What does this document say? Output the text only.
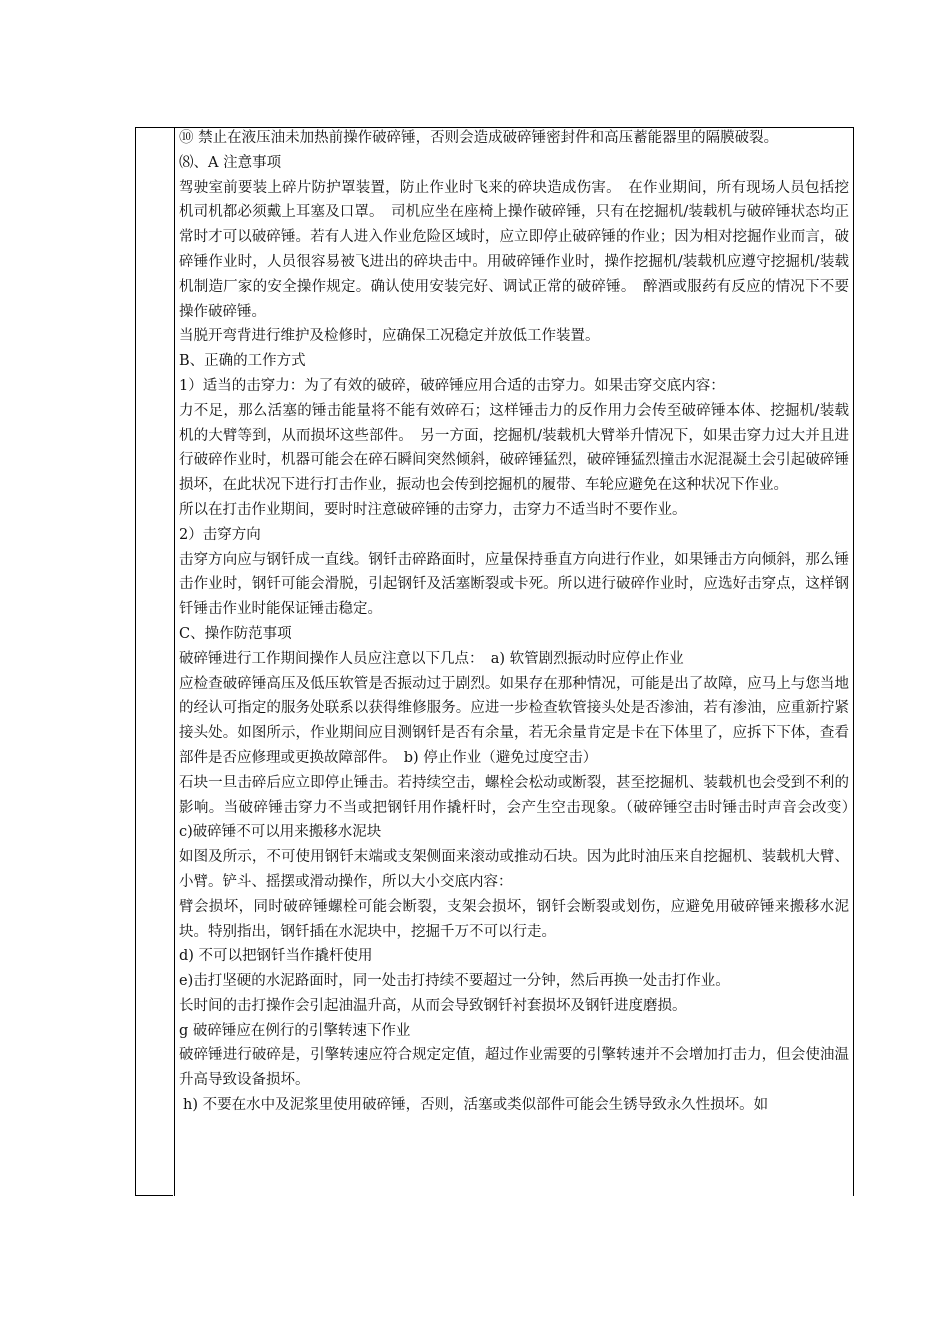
⑩ 禁止在液压油未加热前操作破碎锤，否则会造成破碎锤密封件和高压蓄能器里的隔膜破裂。

⑻、A 注意事项

驾驶室前要装上碎片防护罩装置，防止作业时飞来的碎块造成伤害。　在作业期间，所有现场人员包括挖机司机都必须戴上耳塞及口罩。　司机应坐在座椅上操作破碎锤，只有在挖掘机/装载机与破碎锤状态均正常时才可以破碎锤。若有人进入作业危险区域时，应立即停止破碎锤的作业；因为相对挖掘作业而言，破碎锤作业时，人员很容易被飞进出的碎块击中。用破碎锤作业时，操作挖掘机/装载机应遵守挖掘机/装载机制造厂家的安全操作规定。确认使用安装完好、调试正常的破碎锤。　醉酒或服药有反应的情况下不要操作破碎锤。

当脱开弯背进行维护及检修时，应确保工况稳定并放低工作装置。

B、正确的工作方式

1）适当的击穿力：为了有效的破碎，破碎锤应用合适的击穿力。如果击穿交底内容：

力不足，那么活塞的锤击能量将不能有效碎石；这样锤击力的反作用力会传至破碎锤本体、挖掘机/装载机的大臂等到，从而损坏这些部件。　另一方面，挖掘机/装载机大臂举升情况下，如果击穿力过大并且进行破碎作业时，机器可能会在碎石瞬间突然倾斜，破碎锤猛烈，破碎锤猛烈撞击水泥混凝土会引起破碎锤损坏，在此状况下进行打击作业，振动也会传到挖掘机的履带、车轮应避免在这种状况下作业。

所以在打击作业期间，要时时注意破碎锤的击穿力，击穿力不适当时不要作业。

2）击穿方向

击穿方向应与钢钎成一直线。钢钎击碎路面时，应量保持垂直方向进行作业，如果锤击方向倾斜，那么锤击作业时，钢钎可能会滑脱，引起钢钎及活塞断裂或卡死。所以进行破碎作业时，应选好击穿点，这样钢钎锤击作业时能保证锤击稳定。

C、操作防范事项

破碎锤进行工作期间操作人员应注意以下几点：　a) 软管剧烈振动时应停止作业

应检查破碎锤高压及低压软管是否振动过于剧烈。如果存在那种情况，可能是出了故障，应马上与您当地的经认可指定的服务处联系以获得维修服务。应进一步检查软管接头处是否渗油，若有渗油，应重新拧紧接头处。如图所示，作业期间应目测钢钎是否有余量，若无余量肯定是卡在下体里了，应拆下下体，查看部件是否应修理或更换故障部件。　b) 停止作业（避免过度空击）

石块一旦击碎后应立即停止锤击。若持续空击，螺栓会松动或断裂，甚至挖掘机、装载机也会受到不利的影响。当破碎锤击穿力不当或把钢钎用作撬杆时，会产生空击现象。（破碎锤空击时锤击时声音会改变）　c)破碎锤不可以用来搬移水泥块

如图及所示，不可使用钢钎末端或支架侧面来滚动或推动石块。因为此时油压来自挖掘机、装载机大臂、小臂。铲斗、摇摆或滑动操作，所以大小交底内容：

臂会损坏，同时破碎锤螺栓可能会断裂，支架会损坏，钢钎会断裂或划伤，应避免用破碎锤来搬移水泥块。特别指出，钢钎插在水泥块中，挖掘千万不可以行走。

d) 不可以把钢钎当作撬杆使用

e)击打坚硬的水泥路面时，同一处击打持续不要超过一分钟，然后再换一处击打作业。

长时间的击打操作会引起油温升高，从而会导致钢钎衬套损坏及钢钎进度磨损。

g 破碎锤应在例行的引擎转速下作业

破碎锤进行破碎是，引擎转速应符合规定定值，超过作业需要的引擎转速并不会增加打击力，但会使油温升高导致设备损坏。

h) 不要在水中及泥浆里使用破碎锤，否则，活塞或类似部件可能会生锈导致永久性损坏。如
